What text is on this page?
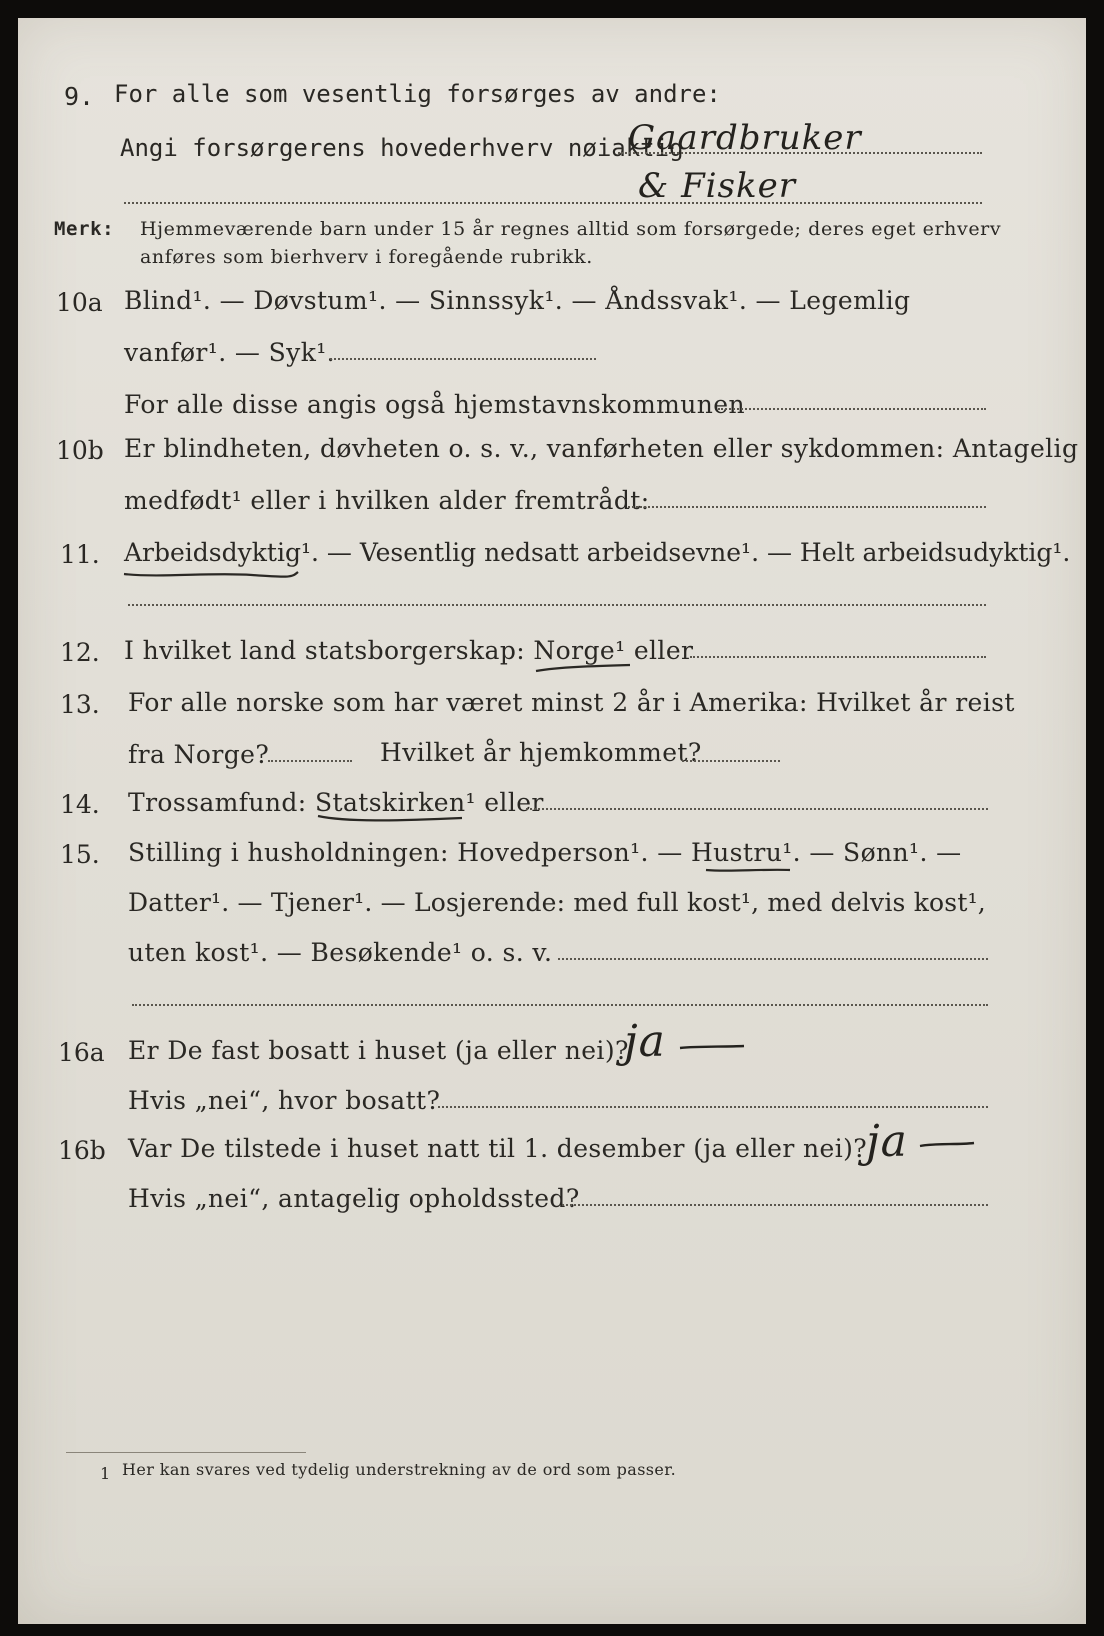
9. For alle som vesentlig forsørges av andre:
Angi forsørgerens hovederhverv nøiaktig
Gaardbruker
& Fisker
Merk: Hjemmeværende barn under 15 år regnes alltid som forsørgede; deres eget erhverv
anføres som bierhverv i foregående rubrikk.
10a Blind¹. — Døvstum¹. — Sinnssyk¹. — Åndssvak¹. — Legemlig
vanfør¹. — Syk¹.
For alle disse angis også hjemstavnskommunen
10b Er blindheten, døvheten o. s. v., vanførheten eller sykdommen: Antagelig
medfødt¹ eller i hvilken alder fremtrådt:
11. Arbeidsdyktig¹. — Vesentlig nedsatt arbeidsevne¹. — Helt arbeidsudyktig¹.
12. I hvilket land statsborgerskap: Norge¹ eller
13. For alle norske som har været minst 2 år i Amerika: Hvilket år reist
fra Norge?	Hvilket år hjemkommet?
14. Trossamfund: Statskirken¹ eller
15. Stilling i husholdningen: Hovedperson¹. — Hustru¹. — Sønn¹. —
Datter¹. — Tjener¹. — Losjerende: med full kost¹, med delvis kost¹,
uten kost¹. — Besøkende¹ o. s. v.
16a Er De fast bosatt i huset (ja eller nei)?
ja
Hvis „nei“, hvor bosatt?
16b Var De tilstede i huset natt til 1. desember (ja eller nei)?
ja
Hvis „nei“, antagelig opholdssted?
1 Her kan svares ved tydelig understrekning av de ord som passer.
